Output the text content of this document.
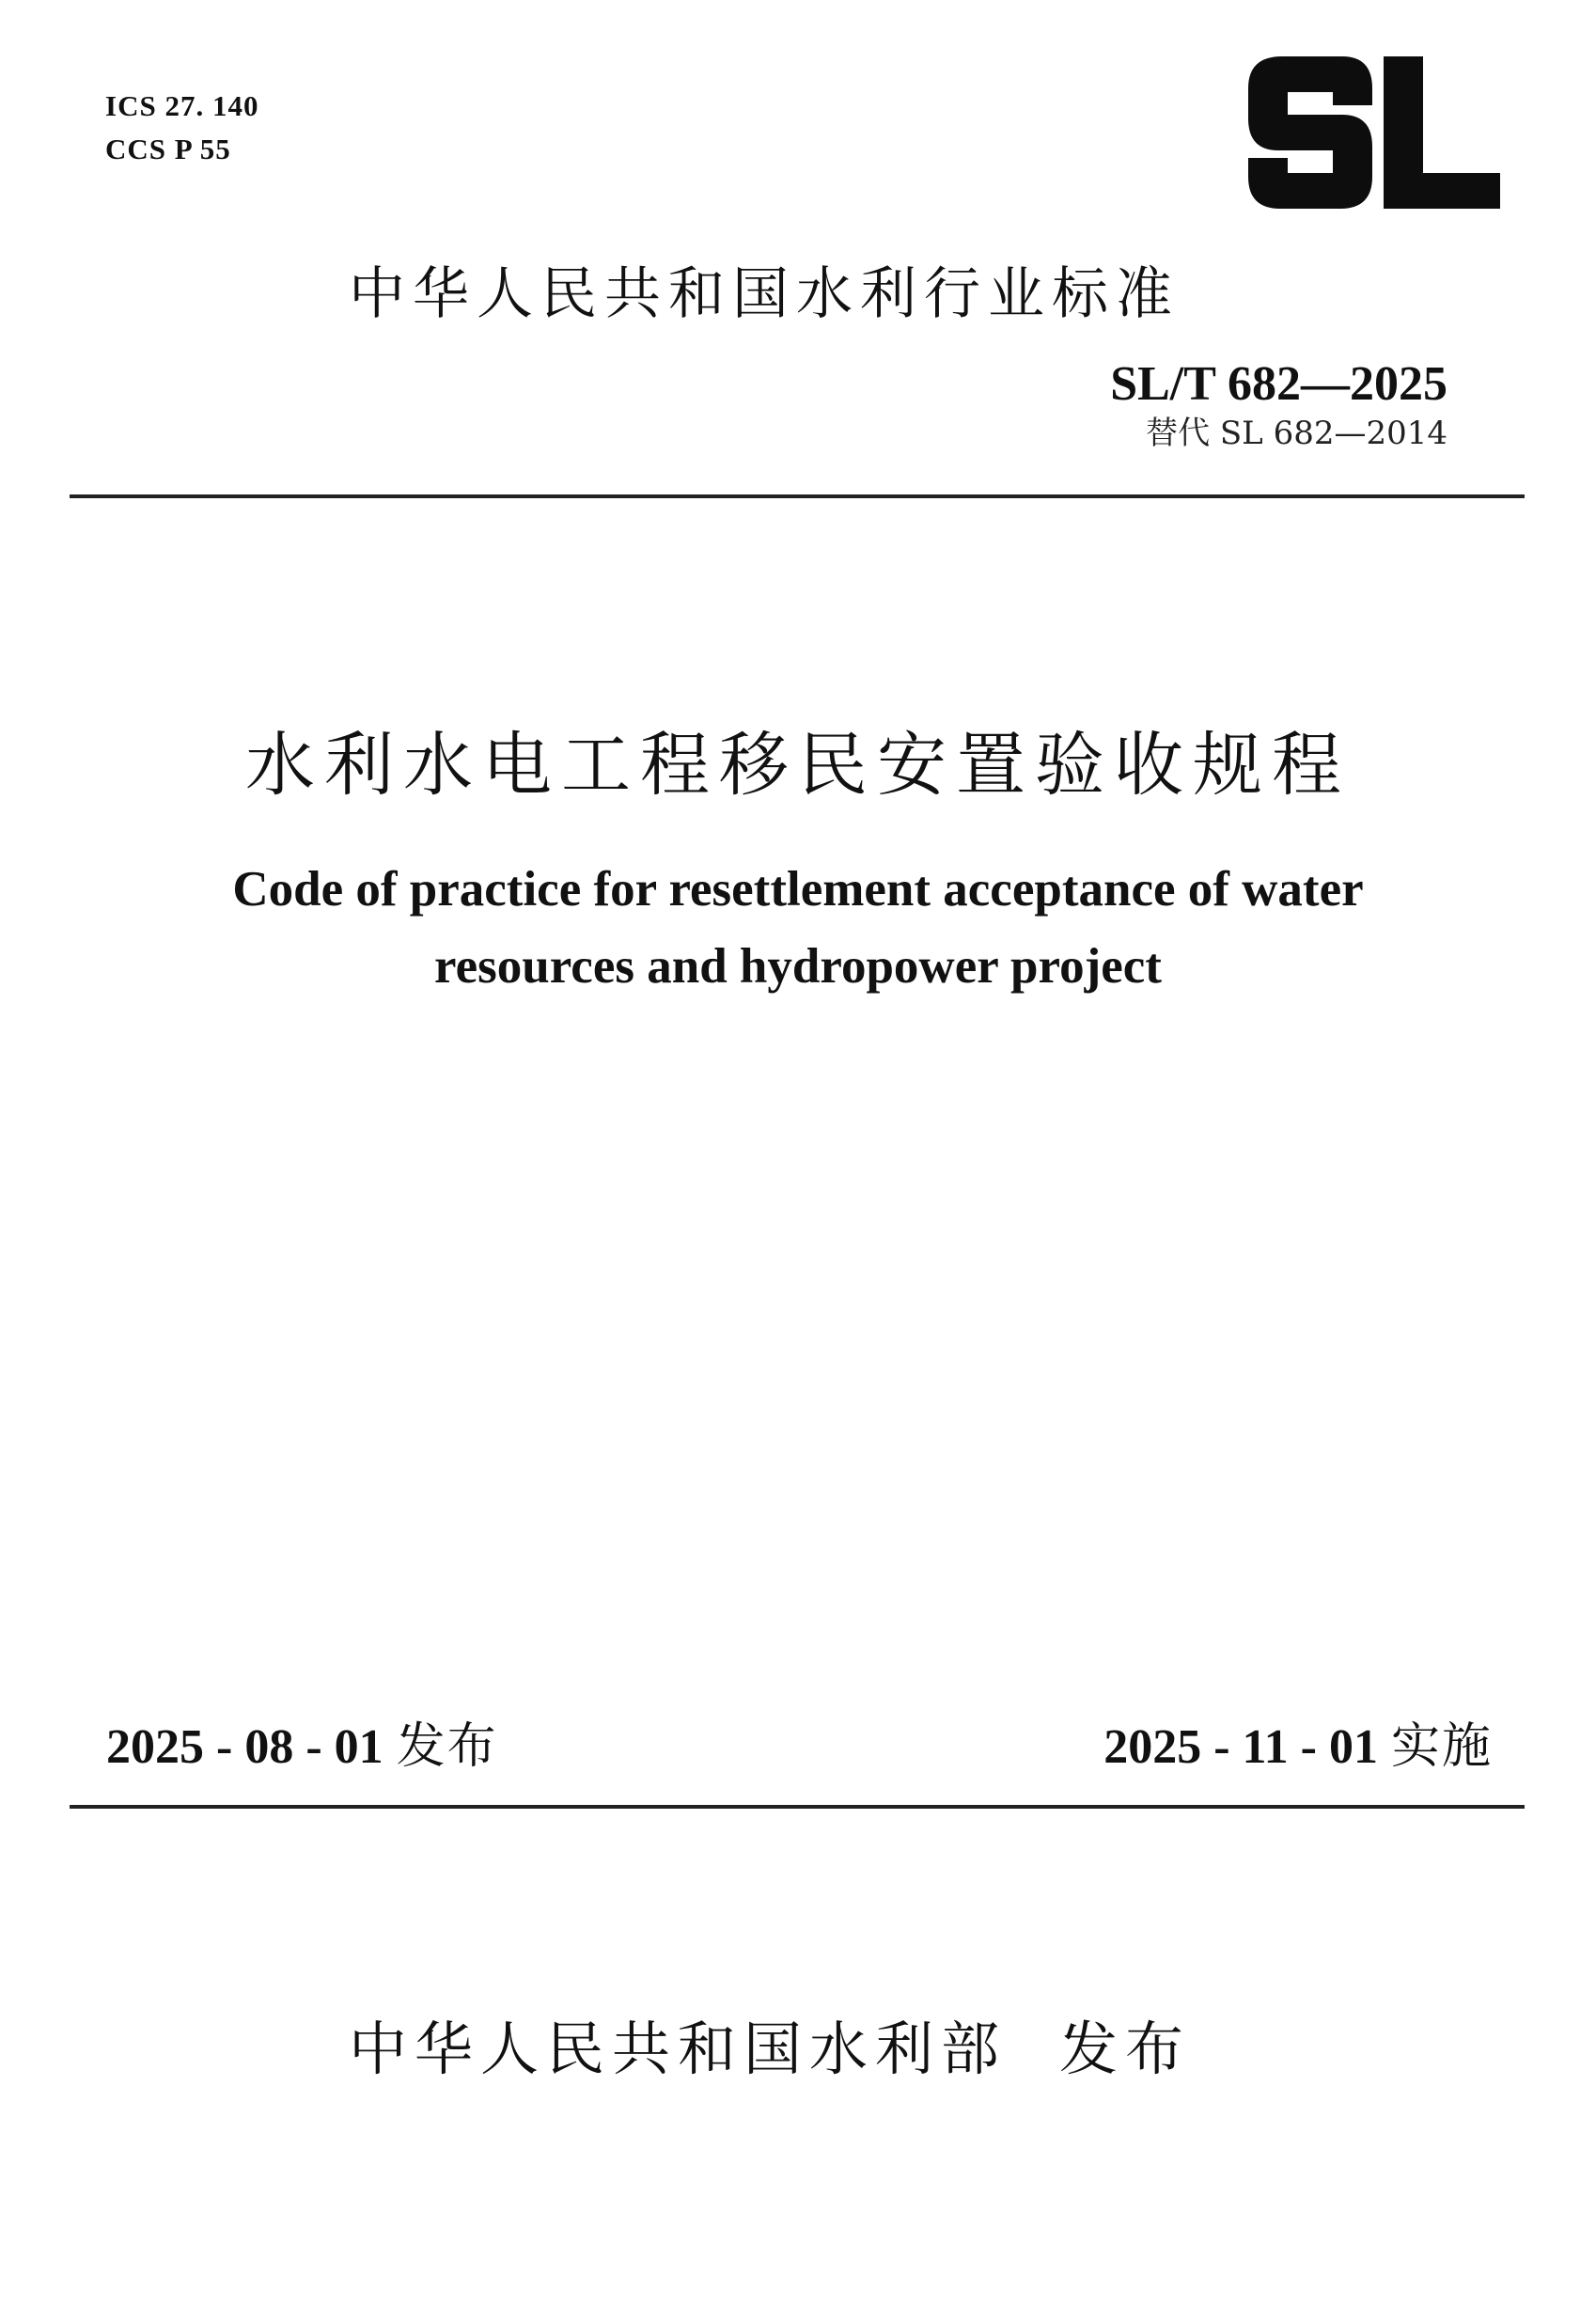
ICS 27. 140
CCS P 55
中华人民共和国水利行业标准
SL/T 682—2025
替代 SL 682—2014
水利水电工程移民安置验收规程
Code of practice for resettlement acceptance of water
resources and hydropower project
2025 - 08 - 01 发布	2025 - 11 - 01 实施
中华人民共和国水利部 发布
